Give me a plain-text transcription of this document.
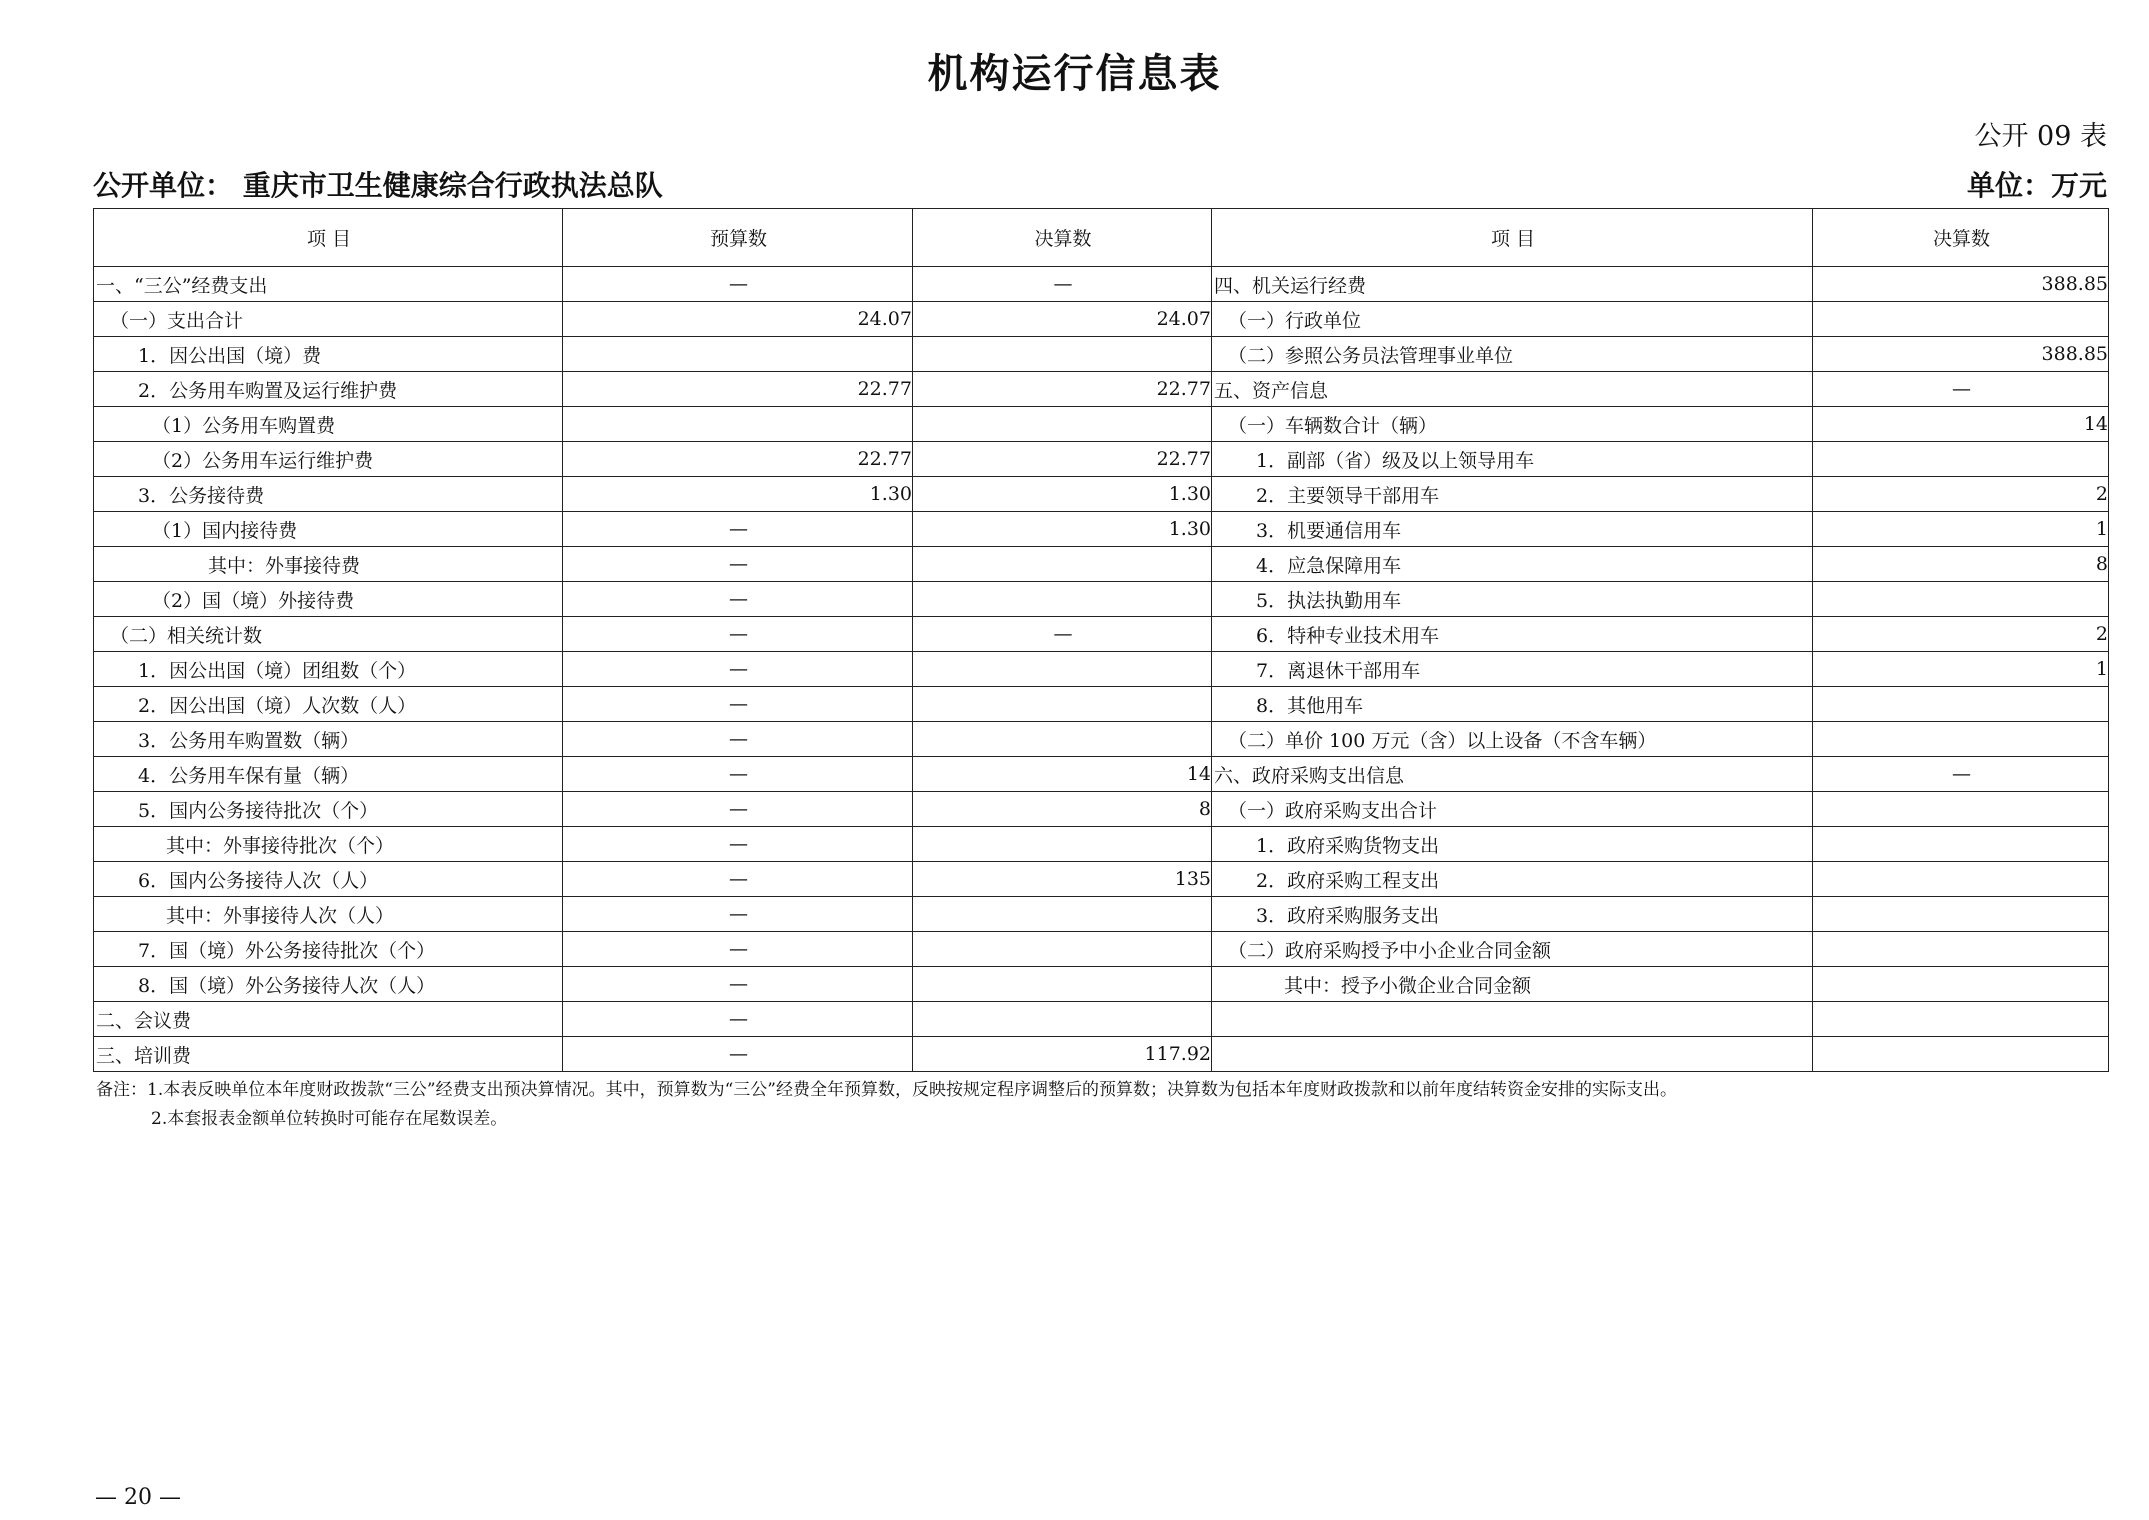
机构运行信息表
公开 09 表
公开单位： 重庆市卫生健康综合行政执法总队	单位：万元
项 目	预算数	决算数	项 目	决算数
一、“三公”经费支出	—	—	四、机关运行经费	388.85
（一）支出合计	24.07	24.07	（一）行政单位	
1．因公出国（境）费			（二）参照公务员法管理事业单位	388.85
2．公务用车购置及运行维护费	22.77	22.77	五、资产信息	—
（1）公务用车购置费			（一）车辆数合计（辆）	14
（2）公务用车运行维护费	22.77	22.77	1．副部（省）级及以上领导用车	
3．公务接待费	1.30	1.30	2．主要领导干部用车	2
（1）国内接待费	—	1.30	3．机要通信用车	1
其中：外事接待费	—		4．应急保障用车	8
（2）国（境）外接待费	—		5．执法执勤用车	
（二）相关统计数	—	—	6．特种专业技术用车	2
1．因公出国（境）团组数（个）	—		7．离退休干部用车	1
2．因公出国（境）人次数（人）	—		8．其他用车	
3．公务用车购置数（辆）	—		（二）单价 100 万元（含）以上设备（不含车辆）	
4．公务用车保有量（辆）	—	14	六、政府采购支出信息	—
5．国内公务接待批次（个）	—	8	（一）政府采购支出合计	
其中：外事接待批次（个）	—		1．政府采购货物支出	
6．国内公务接待人次（人）	—	135	2．政府采购工程支出	
其中：外事接待人次（人）	—		3．政府采购服务支出	
7．国（境）外公务接待批次（个）	—		（二）政府采购授予中小企业合同金额	
8．国（境）外公务接待人次（人）	—		其中：授予小微企业合同金额	
二、会议费	—			
三、培训费	—	117.92		
备注：1.本表反映单位本年度财政拨款“三公”经费支出预决算情况。其中，预算数为“三公”经费全年预算数，反映按规定程序调整后的预算数；决算数为包括本年度财政拨款和以前年度结转资金安排的实际支出。
2.本套报表金额单位转换时可能存在尾数误差。
— 20 —
